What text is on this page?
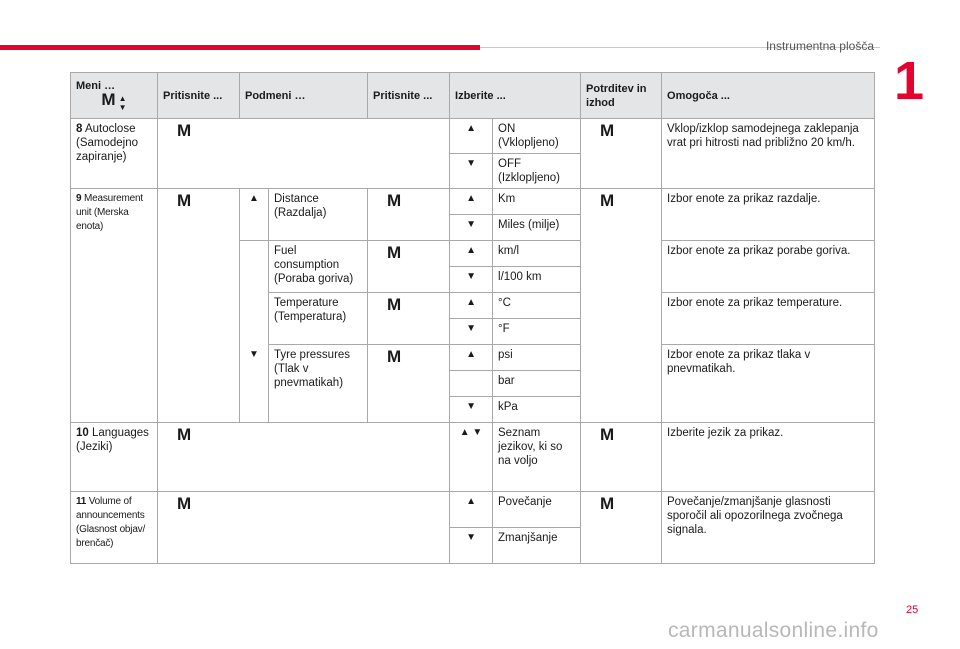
Instrumentna plošča
1
25
carmanualsonline.info
Meni …
M ▲
▼	Pritisnite ...	Podmeni …		Pritisnite ...	Izberite ...		Potrditev in izhod	Omogoča ...
8 Autoclose (Samodejno zapiranje)	M				▲	ON (Vklopljeno)	M	Vklop/izklop samodejnega zaklepanja vrat pri hitrosti nad približno 20 km/h.

					▼	OFF (Izklopljeno)		
9 Measurement unit (Merska enota)	M	▲	Distance (Razdalja)	M	▲	Km	M	Izbor enote za prikaz razdalje.

					▼	Miles (milje)		
			Fuel consumption (Poraba goriva)	M	▲	km/l		Izbor enote za prikaz porabe goriva.

					▼	l/100 km		
			Temperature (Temperatura)	M	▲	°C		Izbor enote za prikaz temperature.

					▼	°F		

		▼	Tyre pressures (Tlak v pnevmatikah)	M	▲	psi		Izbor enote za prikaz tlaka v pnevmatikah.
						bar		

					▼	kPa		
10 Languages (Jeziki)	M				▲ ▼	Seznam jezikov, ki so na voljo	M	Izberite jezik za prikaz.
11 Volume of announcements (Glasnost objav/ brenčač)	M				▲	Povečanje	M	Povečanje/zmanjšanje glasnosti sporočil ali opozorilnega zvočnega signala.

					▼	Zmanjšanje		
